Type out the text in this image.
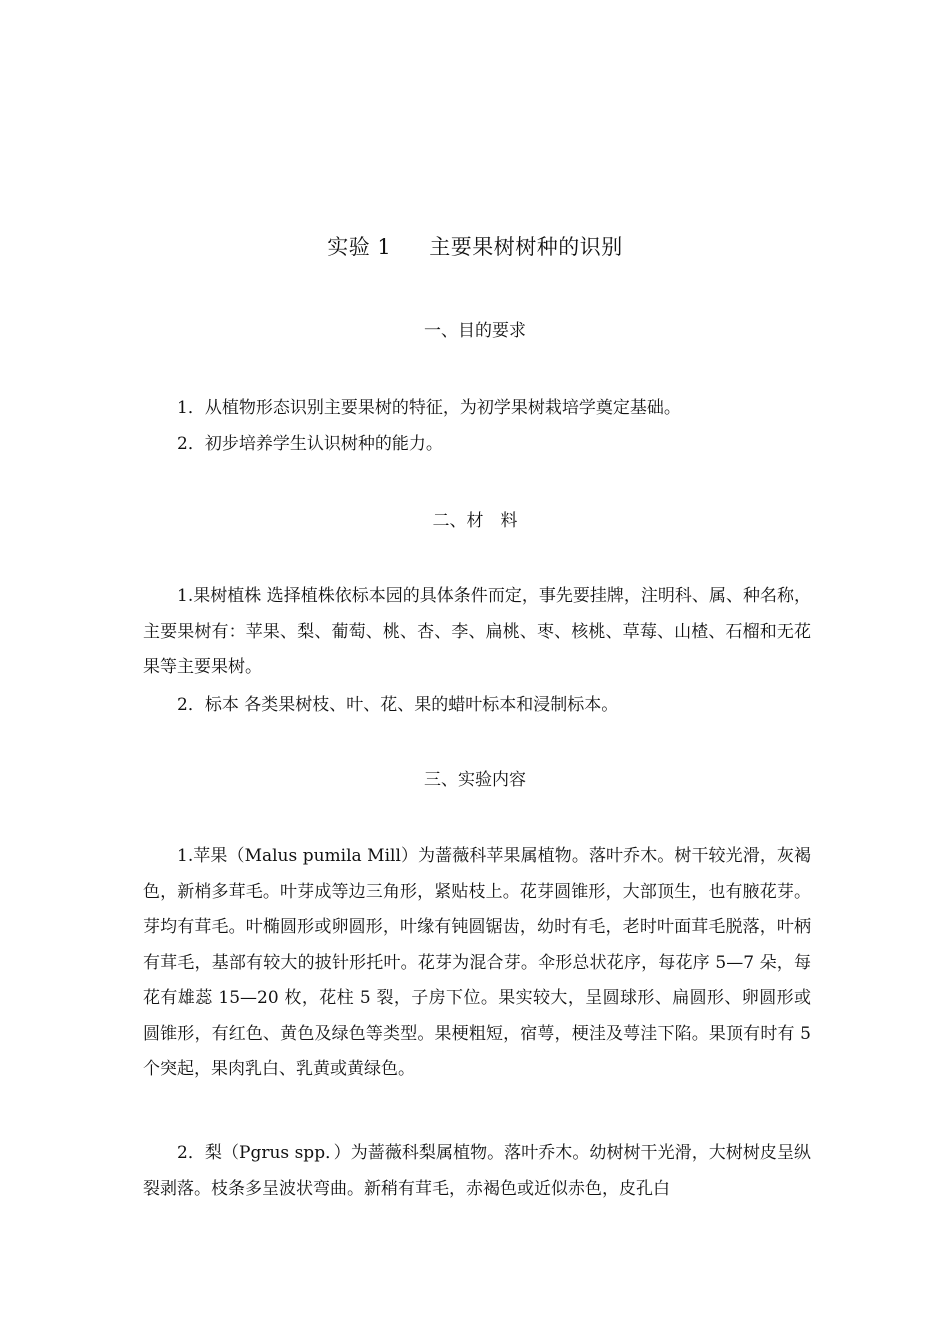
实验 1 主要果树树种的识别
一、目的要求
1．从植物形态识别主要果树的特征，为初学果树栽培学奠定基础。
2．初步培养学生认识树种的能力。
二、材　料
1.果树植株 选择植株依标本园的具体条件而定，事先要挂牌，注明科、属、种名称，主要果树有：苹果、梨、葡萄、桃、杏、李、扁桃、枣、核桃、草莓、山楂、石榴和无花果等主要果树。
2．标本 各类果树枝、叶、花、果的蜡叶标本和浸制标本。
三、实验内容
1.苹果（Malus pumila Mill）为蔷薇科苹果属植物。落叶乔木。树干较光滑，灰褐色，新梢多茸毛。叶芽成等边三角形，紧贴枝上。花芽圆锥形，大部顶生，也有腋花芽。芽均有茸毛。叶椭圆形或卵圆形，叶缘有钝圆锯齿，幼时有毛，老时叶面茸毛脱落，叶柄有茸毛，基部有较大的披针形托叶。花芽为混合芽。伞形总状花序，每花序 5—7 朵，每花有雄蕊 15—20 枚，花柱 5 裂，子房下位。果实较大，呈圆球形、扁圆形、卵圆形或圆锥形，有红色、黄色及绿色等类型。果梗粗短，宿萼，梗洼及萼洼下陷。果顶有时有 5 个突起，果肉乳白、乳黄或黄绿色。
2．梨（Pgrus spp．）为蔷薇科梨属植物。落叶乔木。幼树树干光滑，大树树皮呈纵裂剥落。枝条多呈波状弯曲。新稍有茸毛，赤褐色或近似赤色，皮孔白
